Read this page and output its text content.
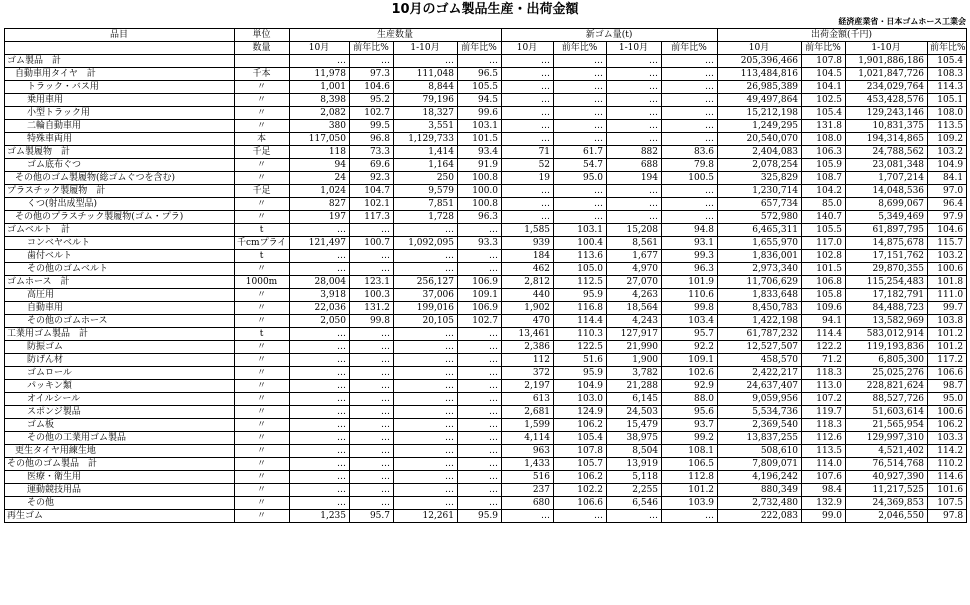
10月のゴム製品生産・出荷金額
経済産業省・日本ゴムホース工業会
品目	単位	生産数量				新ゴム量(t)				出荷金額(千円)			
	数量	10月	前年比%	1-10月	前年比%	10月	前年比%	1-10月	前年比%	10月	前年比%	1-10月	前年比%
ゴム製品　計		…	…	…	…	…	…	…	…	205,396,466	107.8	1,901,886,186	105.4
自動車用タイヤ　計	千本	11,978	97.3	111,048	96.5	…	…	…	…	113,484,816	104.5	1,021,847,726	108.3
トラック・バス用	〃	1,001	104.6	8,844	105.5	…	…	…	…	26,985,389	104.1	234,029,764	114.3
乗用車用	〃	8,398	95.2	79,196	94.5	…	…	…	…	49,497,864	102.5	453,428,576	105.1
小型トラック用	〃	2,082	102.7	18,327	99.6	…	…	…	…	15,212,198	105.4	129,243,146	108.0
二輪自動車用	〃	380	99.5	3,551	103.1	…	…	…	…	1,249,295	131.8	10,831,375	113.5
特殊車両用	本	117,050	96.8	1,129,733	101.5	…	…	…	…	20,540,070	108.0	194,314,865	109.2
ゴム製履物　計	千足	118	73.3	1,414	93.4	71	61.7	882	83.6	2,404,083	106.3	24,788,562	103.2
ゴム底布ぐつ	〃	94	69.6	1,164	91.9	52	54.7	688	79.8	2,078,254	105.9	23,081,348	104.9
その他のゴム製履物(総ゴムぐつを含む)	〃	24	92.3	250	100.8	19	95.0	194	100.5	325,829	108.7	1,707,214	84.1
プラスチック製履物　計	千足	1,024	104.7	9,579	100.0	…	…	…	…	1,230,714	104.2	14,048,536	97.0
くつ(射出成型品)	〃	827	102.1	7,851	100.8	…	…	…	…	657,734	85.0	8,699,067	96.4
その他のプラスチック製履物(ゴム・プラ)	〃	197	117.3	1,728	96.3	…	…	…	…	572,980	140.7	5,349,469	97.9
ゴムベルト　計	t	…	…	…	…	1,585	103.1	15,208	94.8	6,465,311	105.5	61,897,795	104.6
コンベヤベルト	千cmプライ	121,497	100.7	1,092,095	93.3	939	100.4	8,561	93.1	1,655,970	117.0	14,875,678	115.7
歯付ベルト	t	…	…	…	…	184	113.6	1,677	99.3	1,836,001	102.8	17,151,762	103.2
その他のゴムベルト	〃	…	…	…	…	462	105.0	4,970	96.3	2,973,340	101.5	29,870,355	100.6
ゴムホース　計	1000m	28,004	123.1	256,127	106.9	2,812	112.5	27,070	101.9	11,706,629	106.8	115,254,483	101.8
高圧用	〃	3,918	100.3	37,006	109.1	440	95.9	4,263	110.6	1,833,648	105.8	17,182,791	111.0
自動車用	〃	22,036	131.2	199,016	106.9	1,902	116.8	18,564	99.8	8,450,783	109.6	84,488,723	99.7
その他のゴムホース	〃	2,050	99.8	20,105	102.7	470	114.4	4,243	103.4	1,422,198	94.1	13,582,969	103.8
工業用ゴム製品　計	t	…	…	…	…	13,461	110.3	127,917	95.7	61,787,232	114.4	583,012,914	101.2
防振ゴム	〃	…	…	…	…	2,386	122.5	21,990	92.2	12,527,507	122.2	119,193,836	101.2
防げん材	〃	…	…	…	…	112	51.6	1,900	109.1	458,570	71.2	6,805,300	117.2
ゴムロール	〃	…	…	…	…	372	95.9	3,782	102.6	2,422,217	118.3	25,025,276	106.6
パッキン類	〃	…	…	…	…	2,197	104.9	21,288	92.9	24,637,407	113.0	228,821,624	98.7
オイルシール	〃	…	…	…	…	613	103.0	6,145	88.0	9,059,956	107.2	88,527,726	95.0
スポンジ製品	〃	…	…	…	…	2,681	124.9	24,503	95.6	5,534,736	119.7	51,603,614	100.6
ゴム板	〃	…	…	…	…	1,599	106.2	15,479	93.7	2,369,540	118.3	21,565,954	106.2
その他の工業用ゴム製品	〃	…	…	…	…	4,114	105.4	38,975	99.2	13,837,255	112.6	129,997,310	103.3
更生タイヤ用練生地	〃	…	…	…	…	963	107.8	8,504	108.1	508,610	113.5	4,521,402	114.2
その他のゴム製品　計	〃	…	…	…	…	1,433	105.7	13,919	106.5	7,809,071	114.0	76,514,768	110.2
医療・衛生用	〃	…	…	…	…	516	106.2	5,118	112.8	4,196,242	107.6	40,927,390	114.6
運動競技用品	〃	…	…	…	…	237	102.2	2,255	101.2	880,349	98.4	11,217,525	101.6
その他	〃	…	…	…	…	680	106.6	6,546	103.9	2,732,480	132.9	24,369,853	107.5
再生ゴム	〃	1,235	95.7	12,261	95.9	…	…	…	…	222,083	99.0	2,046,550	97.8
